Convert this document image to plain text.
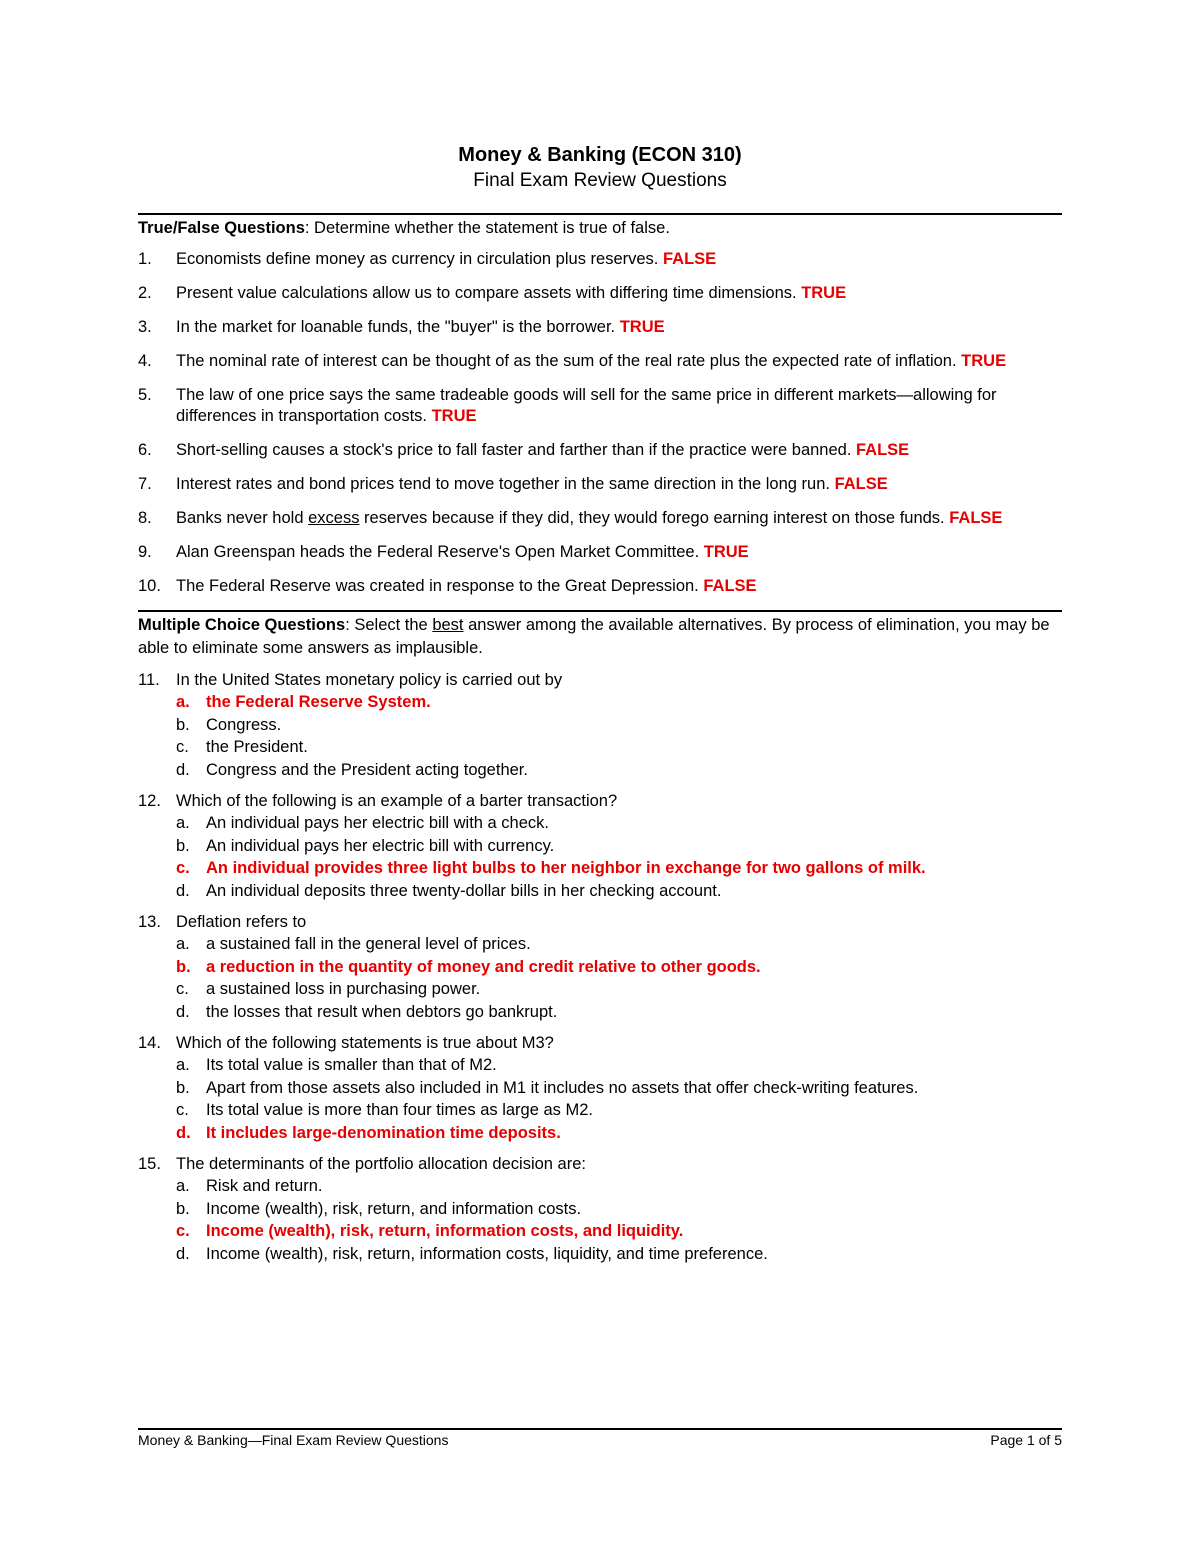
Money & Banking (ECON 310)
Final Exam Review Questions
True/False Questions: Determine whether the statement is true of false.
1. Economists define money as currency in circulation plus reserves. FALSE
2. Present value calculations allow us to compare assets with differing time dimensions. TRUE
3. In the market for loanable funds, the "buyer" is the borrower. TRUE
4. The nominal rate of interest can be thought of as the sum of the real rate plus the expected rate of inflation. TRUE
5. The law of one price says the same tradeable goods will sell for the same price in different markets—allowing for differences in transportation costs. TRUE
6. Short-selling causes a stock's price to fall faster and farther than if the practice were banned. FALSE
7. Interest rates and bond prices tend to move together in the same direction in the long run. FALSE
8. Banks never hold excess reserves because if they did, they would forego earning interest on those funds. FALSE
9. Alan Greenspan heads the Federal Reserve's Open Market Committee. TRUE
10. The Federal Reserve was created in response to the Great Depression. FALSE
Multiple Choice Questions: Select the best answer among the available alternatives. By process of elimination, you may be able to eliminate some answers as implausible.
11. In the United States monetary policy is carried out by
a. the Federal Reserve System.
b. Congress.
c. the President.
d. Congress and the President acting together.
12. Which of the following is an example of a barter transaction?
a. An individual pays her electric bill with a check.
b. An individual pays her electric bill with currency.
c. An individual provides three light bulbs to her neighbor in exchange for two gallons of milk.
d. An individual deposits three twenty-dollar bills in her checking account.
13. Deflation refers to
a. a sustained fall in the general level of prices.
b. a reduction in the quantity of money and credit relative to other goods.
c. a sustained loss in purchasing power.
d. the losses that result when debtors go bankrupt.
14. Which of the following statements is true about M3?
a. Its total value is smaller than that of M2.
b. Apart from those assets also included in M1 it includes no assets that offer check-writing features.
c. Its total value is more than four times as large as M2.
d. It includes large-denomination time deposits.
15. The determinants of the portfolio allocation decision are:
a. Risk and return.
b. Income (wealth), risk, return, and information costs.
c. Income (wealth), risk, return, information costs, and liquidity.
d. Income (wealth), risk, return, information costs, liquidity, and time preference.
Money & Banking—Final Exam Review Questions	Page 1 of 5
